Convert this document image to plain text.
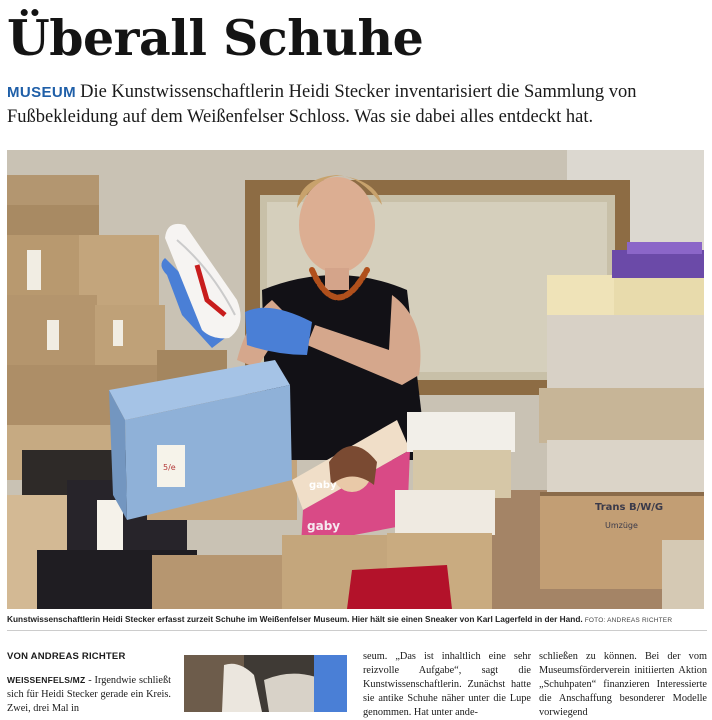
Überall Schuhe
MUSEUM Die Kunstwissenschaftlerin Heidi Stecker inventarisiert die Sammlung von Fußbekleidung auf dem Weißenfelser Schloss. Was sie dabei alles entdeckt hat.
5/e
gaby
gaby
Trans B/W/G
Umzüge
Kunstwissenschaftlerin Heidi Stecker erfasst zurzeit Schuhe im Weißenfelser Museum. Hier hält sie einen Sneaker von Karl Lagerfeld in der Hand. FOTO: ANDREAS RICHTER
VON ANDREAS RICHTER
WEISSENFELS/MZ - Irgendwie schließt sich für Heidi Stecker gerade ein Kreis. Zwei, drei Mal in
seum. „Das ist inhaltlich eine sehr reizvolle Aufgabe“, sagt die Kunstwissenschaftlerin. Zunächst hatte sie antike Schuhe näher unter die Lupe genommen. Hat unter ande-
schließen zu können. Bei der vom Museumsförderverein initiierten Aktion „Schuhpaten“ finanzieren Interessierte die Anschaffung besonderer Modelle vorwiegend
